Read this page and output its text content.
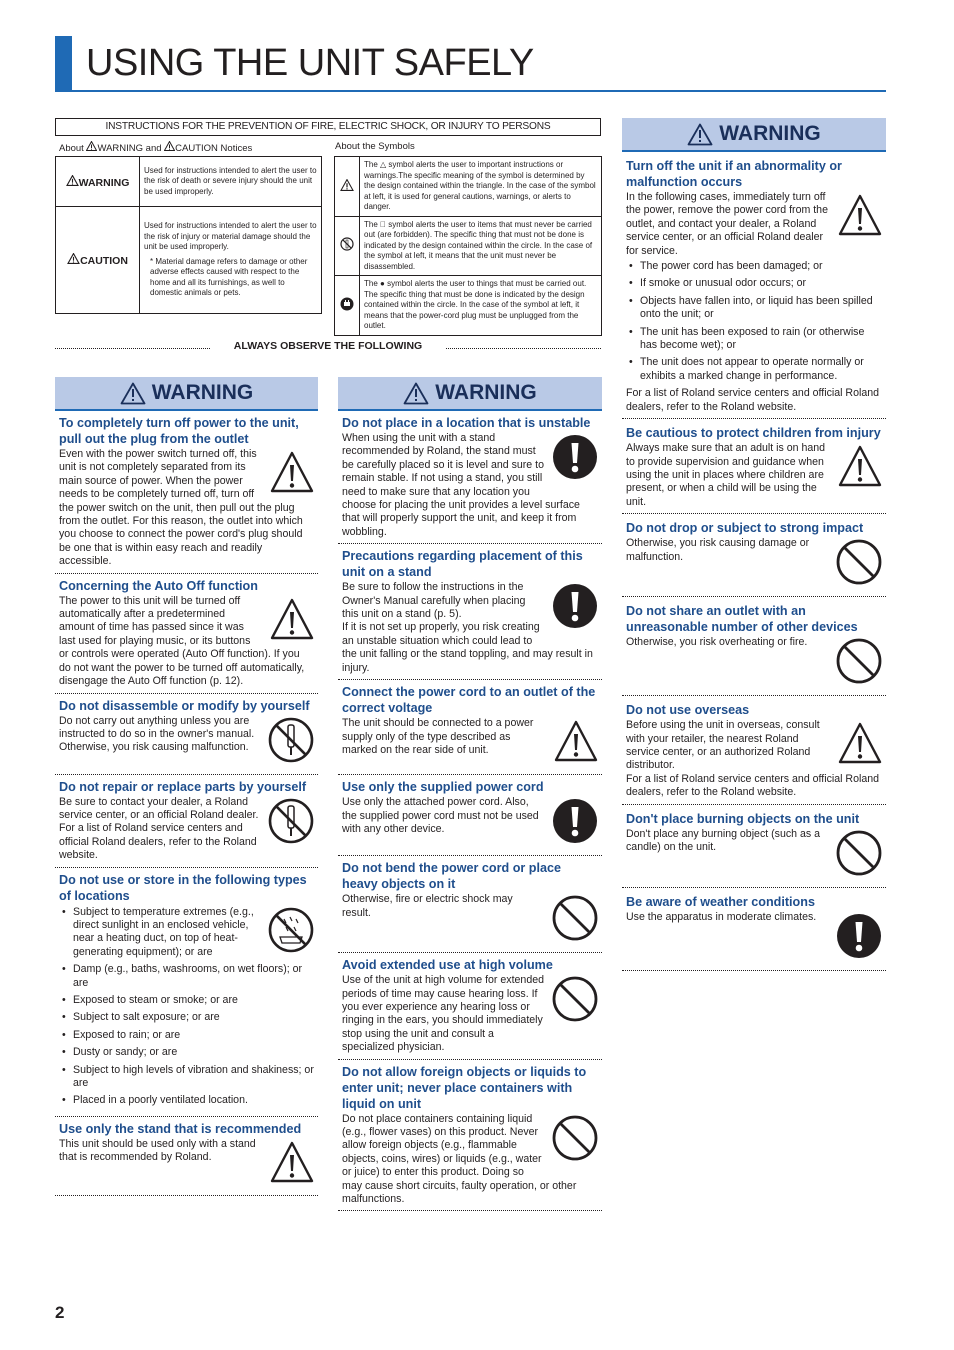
USING THE UNIT SAFELY
INSTRUCTIONS FOR THE PREVENTION OF FIRE, ELECTRIC SHOCK, OR INJURY TO PERSONS
About WARNING and CAUTION Notices	About the Symbols
WARNING	Used for instructions intended to alert the user to the risk of death or severe injury should the unit be used improperly.
CAUTION	Used for instructions intended to alert the user to the risk of injury or material damage should the unit be used improperly.
* Material damage refers to damage or other adverse effects caused with respect to the home and all its furnishings, as well to domestic animals or pets.
	The △ symbol alerts the user to important instructions or warnings.The specific meaning of the symbol is determined by the design contained within the triangle. In the case of the symbol at left, it is used for general cautions, warnings, or alerts to danger.
	The ⃠ symbol alerts the user to items that must never be carried out (are forbidden). The specific thing that must not be done is indicated by the design contained within the circle. In the case of the symbol at left, it means that the unit must never be disassembled.
	The ● symbol alerts the user to things that must be carried out. The specific thing that must be done is indicated by the design contained within the circle. In the case of the symbol at left, it means that the power-cord plug must be unplugged from the outlet.
ALWAYS OBSERVE THE FOLLOWING
WARNING
To completely turn off power to the unit, pull out the plug from the outlet

Even with the power switch turned off, this unit is not completely separated from its main source of power. When the power needs to be completely turned off, turn off the power switch on the unit, then pull out the plug from the outlet. For this reason, the outlet into which you choose to connect the power cord's plug should be one that is within easy reach and readily accessible.

Concerning the Auto Off function

The power to this unit will be turned off automatically after a predetermined amount of time has passed since it was last used for playing music, or its buttons or controls were operated (Auto Off function). If you do not want the power to be turned off automatically, disengage the Auto Off function (p. 12).

Do not disassemble or modify by yourself

Do not carry out anything unless you are instructed to do so in the owner's manual. Otherwise, you risk causing malfunction.

Do not repair or replace parts by yourself

Be sure to contact your dealer, a Roland service center, or an official Roland dealer.

For a list of Roland service centers and official Roland dealers, refer to the Roland website.

Do not use or store in the following types of locations
• Subject to temperature extremes (e.g., direct sunlight in an enclosed vehicle, near a heating duct, on top of heat-generating equipment); or are
• Damp (e.g., baths, washrooms, on wet floors); or are
• Exposed to steam or smoke; or are
• Subject to salt exposure; or are
• Exposed to rain; or are
• Dusty or sandy; or are
• Subject to high levels of vibration and shakiness; or are
• Placed in a poorly ventilated location.
Use only the stand that is recommended

This unit should be used only with a stand that is recommended by Roland.

WARNING
Do not place in a location that is unstable

When using the unit with a stand recommended by Roland, the stand must be carefully placed so it is level and sure to remain stable. If not using a stand, you still need to make sure that any location you choose for placing the unit provides a level surface that will properly support the unit, and keep it from wobbling.

Precautions regarding placement of this unit on a stand

Be sure to follow the instructions in the Owner's Manual carefully when placing this unit on a stand (p. 5).

If it is not set up properly, you risk creating an unstable situation which could lead to the unit falling or the stand toppling, and may result in injury.

Connect the power cord to an outlet of the correct voltage

The unit should be connected to a power supply only of the type described as marked on the rear side of unit.

Use only the supplied power cord

Use only the attached power cord. Also, the supplied power cord must not be used with any other device.

Do not bend the power cord or place heavy objects on it

Otherwise, fire or electric shock may result.

Avoid extended use at high volume

Use of the unit at high volume for extended periods of time may cause hearing loss. If you ever experience any hearing loss or ringing in the ears, you should immediately stop using the unit and consult a specialized physician.

Do not allow foreign objects or liquids to enter unit; never place containers with liquid on unit

Do not place containers containing liquid (e.g., flower vases) on this product. Never allow foreign objects (e.g., flammable objects, coins, wires) or liquids (e.g., water or juice) to enter this product. Doing so may cause short circuits, faulty operation, or other malfunctions.

WARNING
Turn off the unit if an abnormality or malfunction occurs

In the following cases, immediately turn off the power, remove the power cord from the outlet, and contact your dealer, a Roland service center, or an official Roland dealer for service.

• The power cord has been damaged; or
• If smoke or unusual odor occurs; or
• Objects have fallen into, or liquid has been spilled onto the unit; or
• The unit has been exposed to rain (or otherwise has become wet); or
• The unit does not appear to operate normally or exhibits a marked change in performance.

For a list of Roland service centers and official Roland dealers, refer to the Roland website.

Be cautious to protect children from injury

Always make sure that an adult is on hand to provide supervision and guidance when using the unit in places where children are present, or when a child will be using the unit.

Do not drop or subject to strong impact

Otherwise, you risk causing damage or malfunction.

Do not share an outlet with an unreasonable number of other devices

Otherwise, you risk overheating or fire.

Do not use overseas

Before using the unit in overseas, consult with your retailer, the nearest Roland service center, or an authorized Roland distributor.

For a list of Roland service centers and official Roland dealers, refer to the Roland website.

Don't place burning objects on the unit

Don't place any burning object (such as a candle) on the unit.

Be aware of weather conditions

Use the apparatus in moderate climates.

2
